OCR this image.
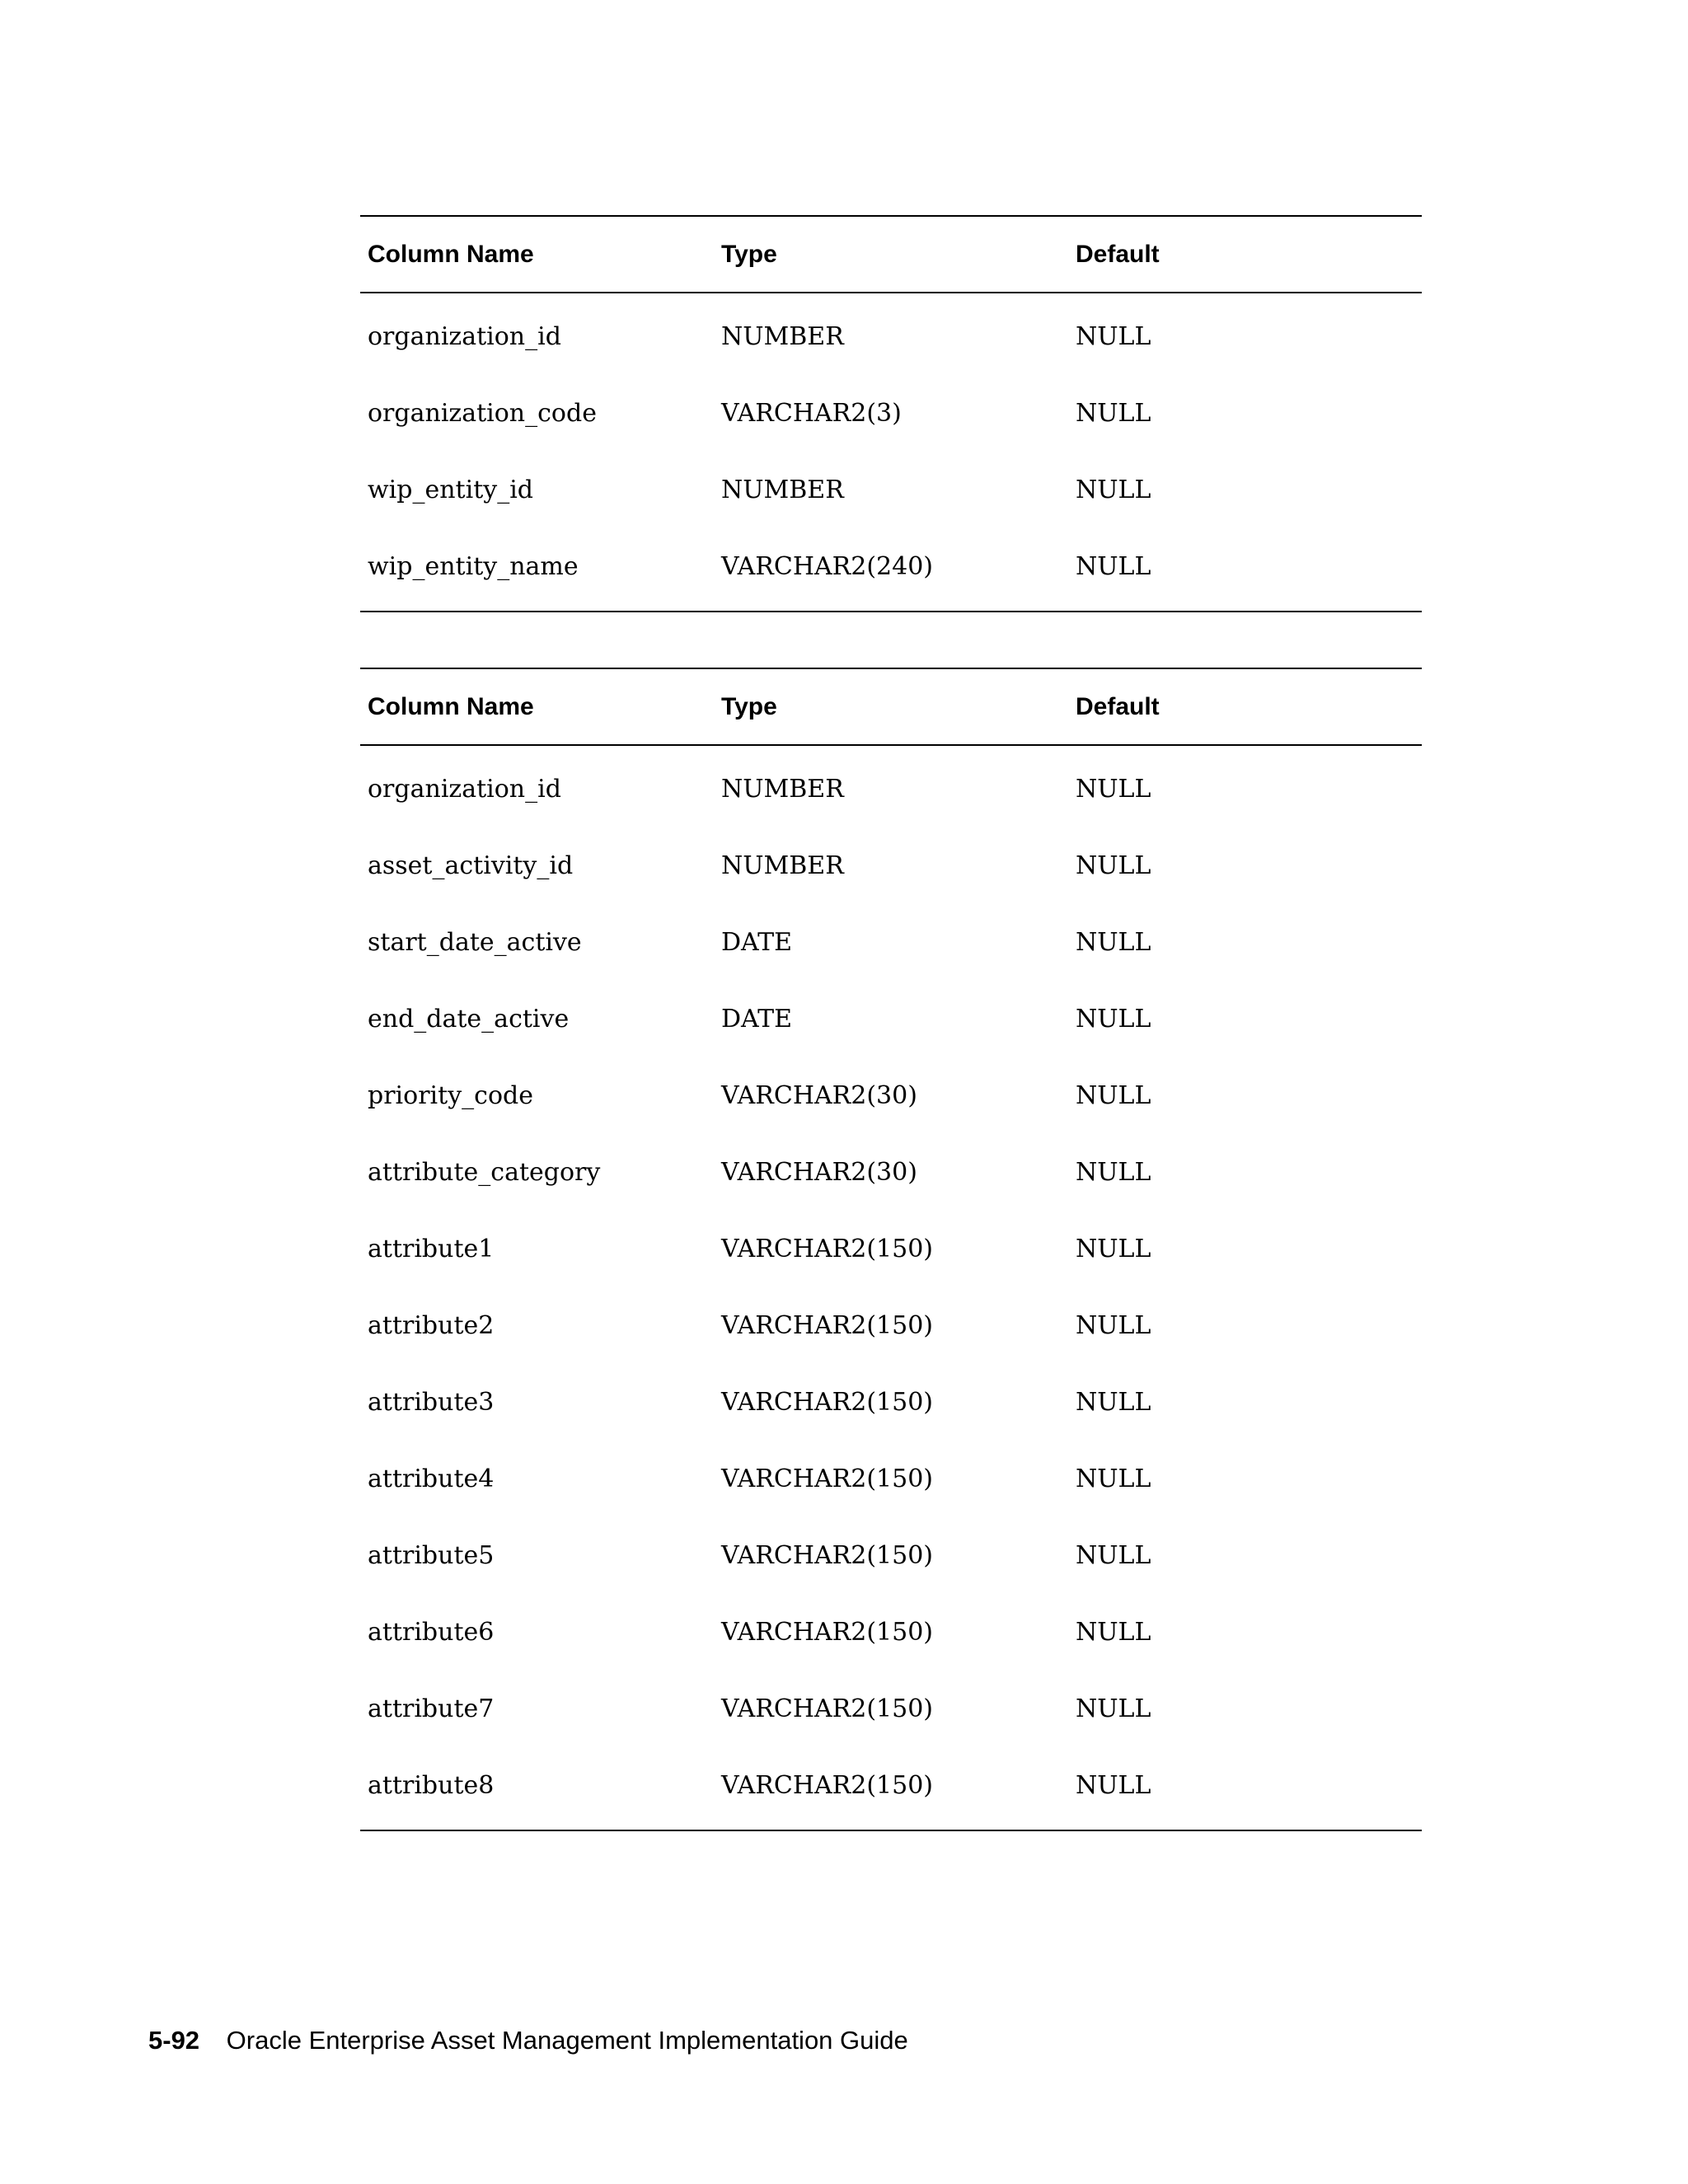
Column Name	Type	Default
organization_id	NUMBER	NULL
organization_code	VARCHAR2(3)	NULL
wip_entity_id	NUMBER	NULL
wip_entity_name	VARCHAR2(240)	NULL
Column Name	Type	Default
organization_id	NUMBER	NULL
asset_activity_id	NUMBER	NULL
start_date_active	DATE	NULL
end_date_active	DATE	NULL
priority_code	VARCHAR2(30)	NULL
attribute_category	VARCHAR2(30)	NULL
attribute1	VARCHAR2(150)	NULL
attribute2	VARCHAR2(150)	NULL
attribute3	VARCHAR2(150)	NULL
attribute4	VARCHAR2(150)	NULL
attribute5	VARCHAR2(150)	NULL
attribute6	VARCHAR2(150)	NULL
attribute7	VARCHAR2(150)	NULL
attribute8	VARCHAR2(150)	NULL
5-92 Oracle Enterprise Asset Management Implementation Guide
